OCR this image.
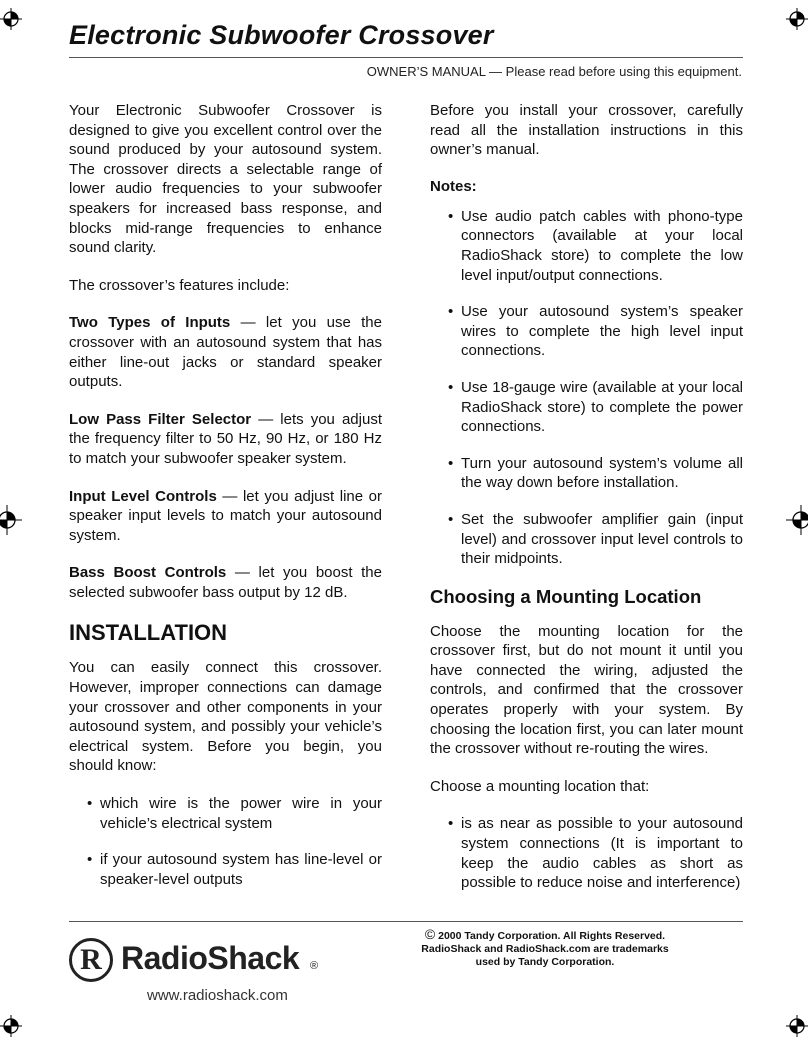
Electronic Subwoofer Crossover
OWNER’S MANUAL — Please read before using this equipment.

Your Electronic Subwoofer Crossover is designed to give you excellent control over the sound produced by your autosound system. The crossover directs a selectable range of lower audio frequencies to your subwoofer speakers for increased bass response, and blocks mid-range frequencies to enhance sound clarity.

The crossover’s features include:

Two Types of Inputs — let you use the crossover with an autosound system that has either line-out jacks or standard speaker outputs.

Low Pass Filter Selector — lets you adjust the frequency filter to 50 Hz, 90 Hz, or 180 Hz to match your subwoofer speaker system.

Input Level Controls — let you adjust line or speaker input levels to match your autosound system.

Bass Boost Controls — let you boost the selected subwoofer bass output by 12 dB.

INSTALLATION

You can easily connect this crossover. However, improper connections can damage your crossover and other components in your autosound system, and possibly your vehicle’s electrical system. Before you begin, you should know:

• which wire is the power wire in your vehicle’s electrical system
• if your autosound system has line-level or speaker-level outputs

Before you install your crossover, carefully read all the installation instructions in this owner’s manual.

Notes:
• Use audio patch cables with phono-type connectors (available at your local RadioShack store) to complete the low level input/output connections.
• Use your autosound system’s speaker wires to complete the high level input connections.
• Use 18-gauge wire (available at your local RadioShack store) to complete the power connections.
• Turn your autosound system’s volume all the way down before installation.
• Set the subwoofer amplifier gain (input level) and crossover input level controls to their midpoints.
Choosing a Mounting Location

Choose the mounting location for the crossover first, but do not mount it until you have connected the wiring, adjusted the controls, and confirmed that the crossover operates properly with your system. By choosing the location first, you can later mount the crossover without re-routing the wires.

Choose a mounting location that:

• is as near as possible to your autosound system connections (It is important to keep the audio cables as short as possible to reduce noise and interference)
R RadioShack ®
www.radioshack.com
© 2000 Tandy Corporation. All Rights Reserved.
RadioShack and RadioShack.com are trademarks
used by Tandy Corporation.
